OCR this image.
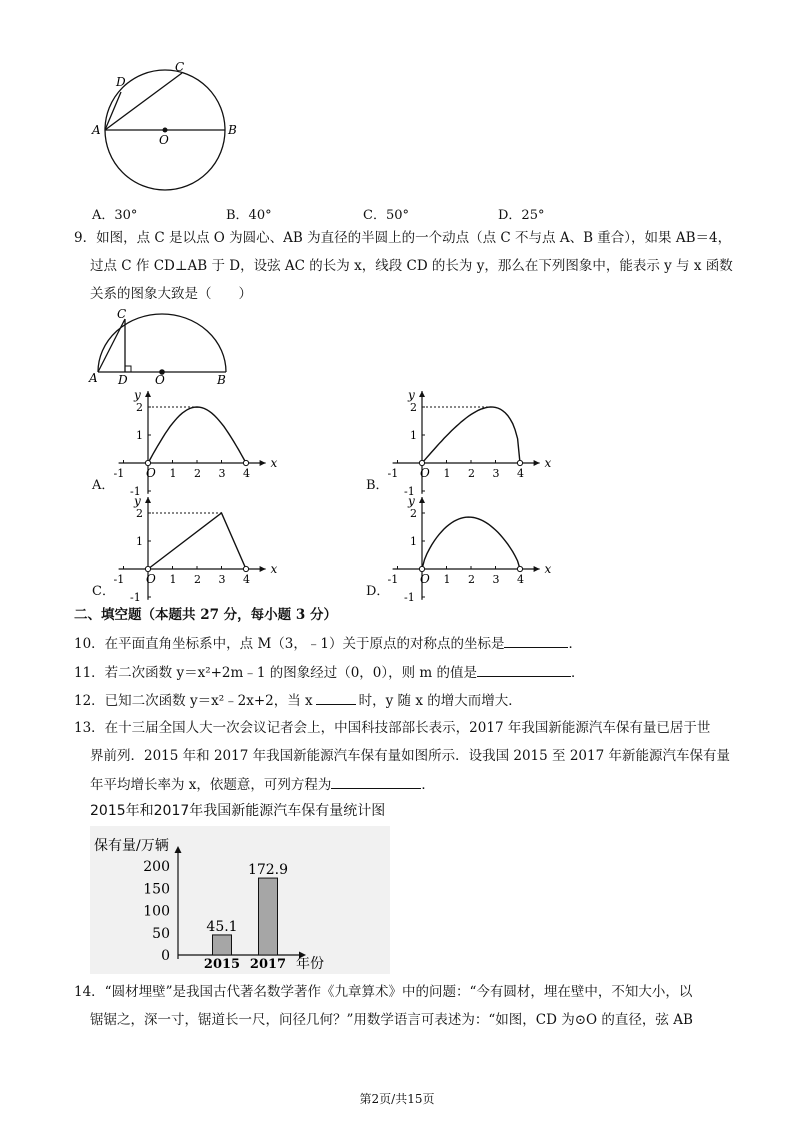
A	B
C
D
O
A．30°	B．40°	C．50°	D．25°
9．如图，点 C 是以点 O 为圆心、AB 为直径的半圆上的一个动点（点 C 不与点 A、B 重合），如果 AB＝4，
过点 C 作 CD⊥AB 于 D，设弦 AC 的长为 x，线段 CD 的长为 y，那么在下列图象中，能表示 y 与 x 函数
关系的图象大致是（　　）
A	B
C
D O
x
y
O
-1	1 2 3 4
2
1
-1
x
y
O
-1	1 2 3 4
2
1
-1
x
y
O
-1	1 2 3 4
2
1
-1
x
y
O
-1	1 2 3 4
2
1
-1
A．	B．
C．	D．
二、填空题（本题共 27 分，每小题 3 分）
10．在平面直角坐标系中，点 M（3，﹣1）关于原点的对称点的坐标是	．
11．若二次函数 y＝x²+2m﹣1 的图象经过（0，0），则 m 的值是	．
12．已知二次函数 y＝x²﹣2x+2，当 x	时，y 随 x 的增大而增大．
13．在十三届全国人大一次会议记者会上，中国科技部部长表示，2017 年我国新能源汽车保有量已居于世
界前列．2015 年和 2017 年我国新能源汽车保有量如图所示．设我国 2015 至 2017 年新能源汽车保有量
年平均增长率为 x，依题意，可列方程为	．
2015年和2017年我国新能源汽车保有量统计图
保有量/万辆
200
150
100
50
0
45.1
2015
172.9
2017 年份
14．“圆材埋壁”是我国古代著名数学著作《九章算术》中的问题：“今有圆材，埋在壁中，不知大小，以
锯锯之，深一寸，锯道长一尺，问径几何？”用数学语言可表述为：“如图，CD 为⊙O 的直径，弦 AB
第2页/共15页
